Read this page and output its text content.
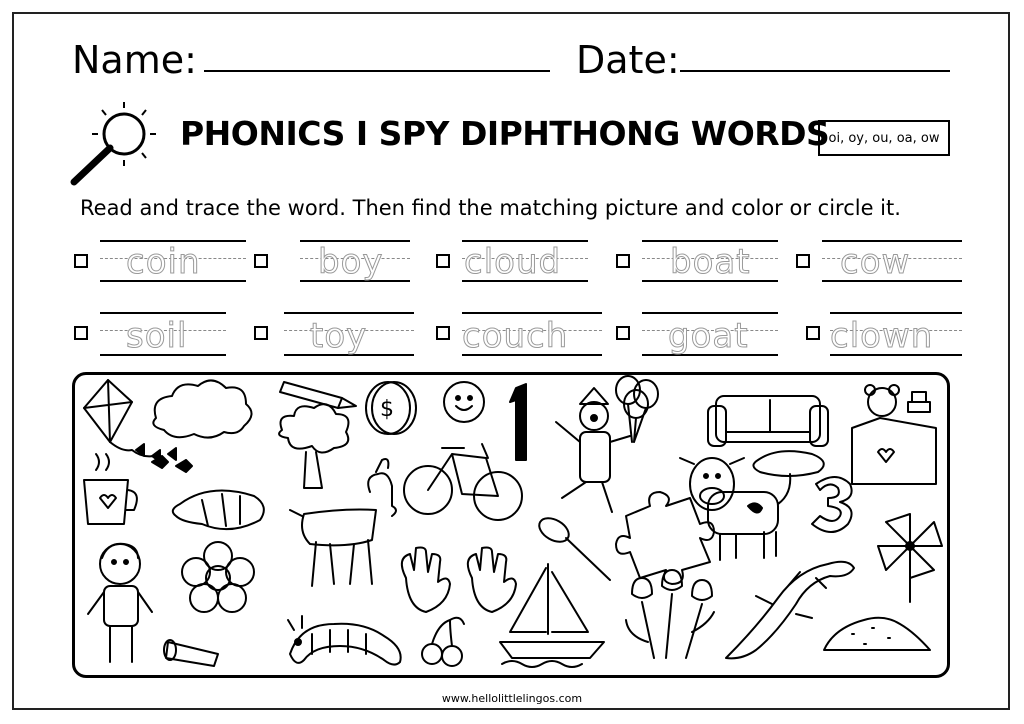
Name:	Date:
PHONICS I SPY DIPHTHONG WORDS oi, oy, ou, oa, ow
Read and trace the word. Then find the matching picture and color or circle it.
coin	boy cloud	boat	cow
soil	toy	couch	goat clown
$
www.hellolittlelingos.com
